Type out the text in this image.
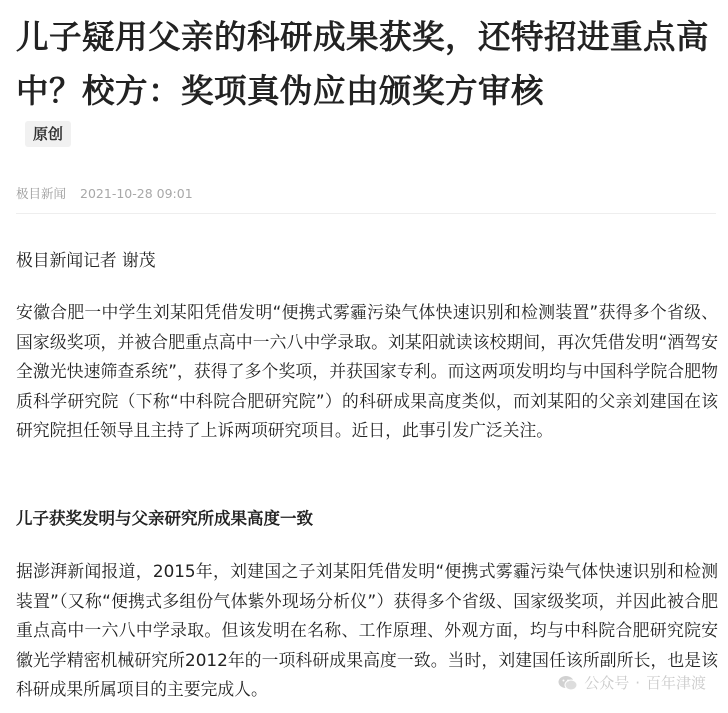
儿子疑用父亲的科研成果获奖，还特招进重点高中？校方：奖项真伪应由颁奖方审核
原创
极目新闻 2021-10-28 09:01

极目新闻记者 谢茂

安徽合肥一中学生刘某阳凭借发明“便携式雾霾污染气体快速识别和检测装置”获得多个省级、国家级奖项，并被合肥重点高中一六八中学录取。刘某阳就读该校期间，再次凭借发明“酒驾安全激光快速筛查系统”，获得了多个奖项，并获国家专利。而这两项发明均与中国科学院合肥物质科学研究院（下称“中科院合肥研究院”）的科研成果高度类似，而刘某阳的父亲刘建国在该研究院担任领导且主持了上诉两项研究项目。近日，此事引发广泛关注。

儿子获奖发明与父亲研究所成果高度一致

据澎湃新闻报道，2015年，刘建国之子刘某阳凭借发明“便携式雾霾污染气体快速识别和检测装置”（又称“便携式多组份气体紫外现场分析仪”）获得多个省级、国家级奖项，并因此被合肥重点高中一六八中学录取。但该发明在名称、工作原理、外观方面，均与中科院合肥研究院安徽光学精密机械研究所2012年的一项科研成果高度一致。当时，刘建国任该所副所长，也是该科研成果所属项目的主要完成人。	公众号 · 百年津渡
